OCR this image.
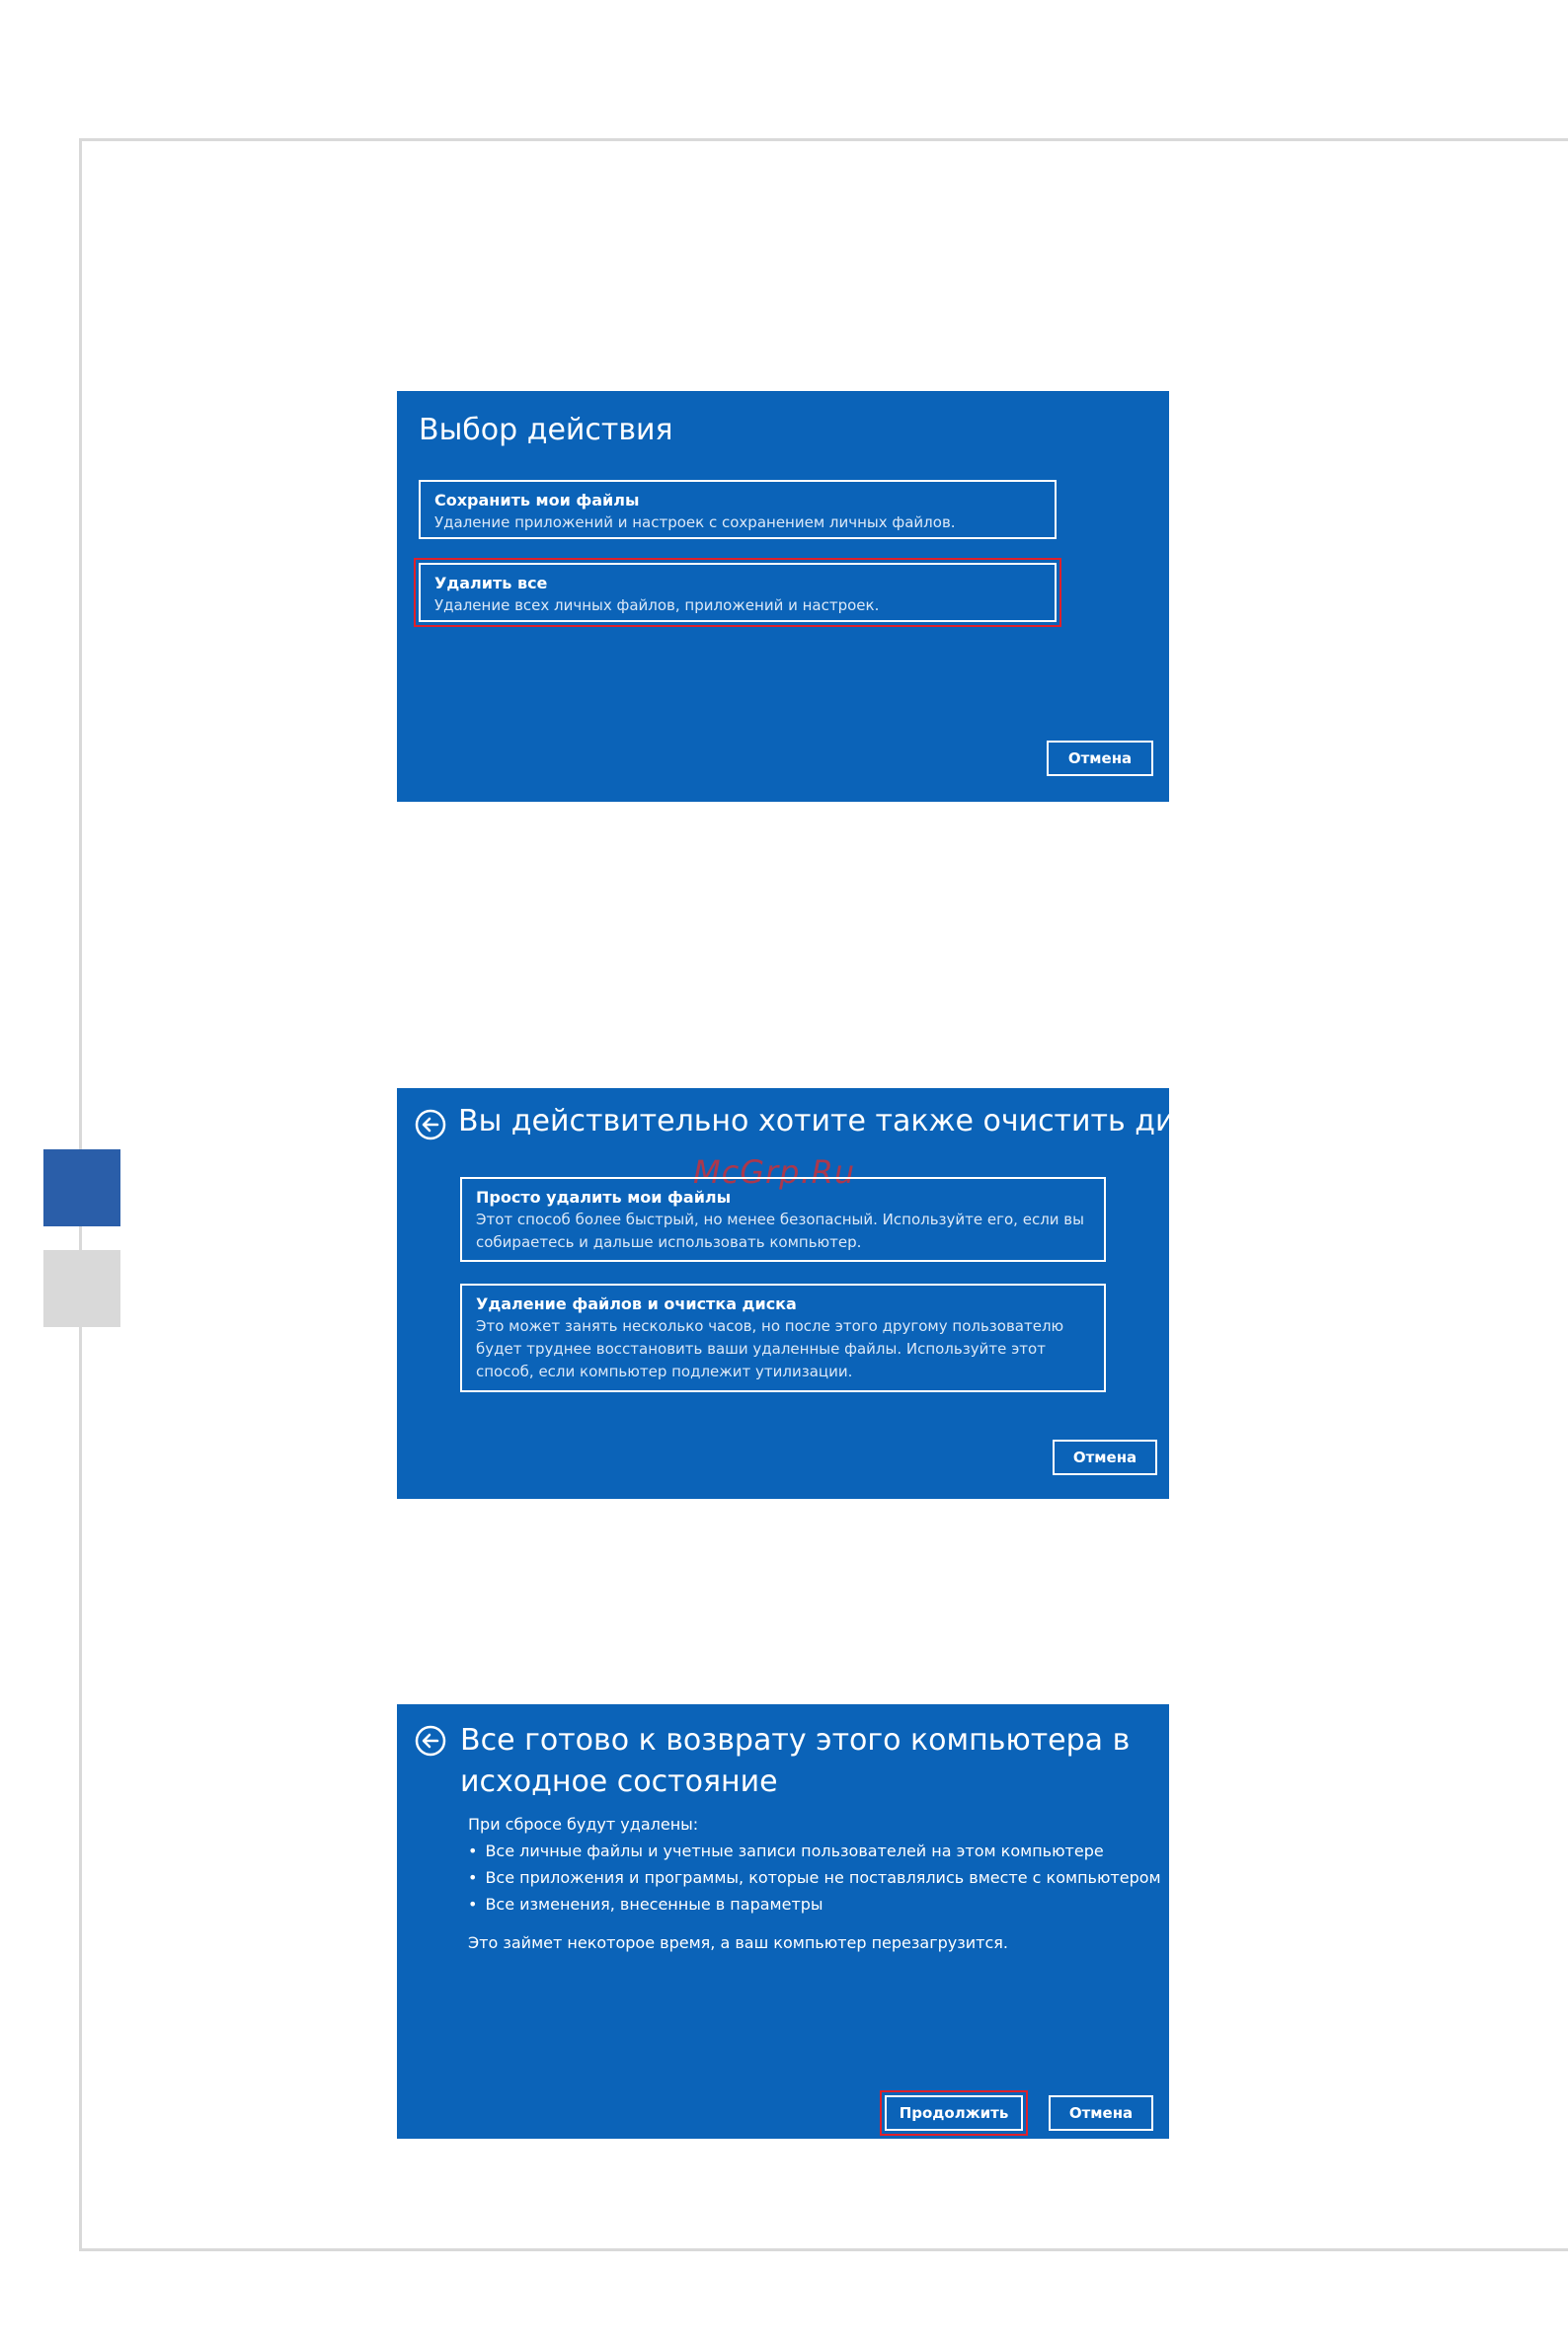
Выбор действия
Сохранить мои файлы
Удаление приложений и настроек с сохранением личных файлов.
Удалить все
Удаление всех личных файлов, приложений и настроек.
Отмена
Вы действительно хотите также очистить диски?
McGrp.Ru
Просто удалить мои файлы
Этот способ более быстрый, но менее безопасный. Используйте его, если вы собираетесь и дальше использовать компьютер.
Удаление файлов и очистка диска
Это может занять несколько часов, но после этого другому пользователю будет труднее восстановить ваши удаленные файлы. Используйте этот способ, если компьютер подлежит утилизации.
Отмена
Все готово к возврату этого компьютера в исходное состояние
При сбросе будут удалены:
• Все личные файлы и учетные записи пользователей на этом компьютере
• Все приложения и программы, которые не поставлялись вместе с компьютером
• Все изменения, внесенные в параметры
Это займет некоторое время, а ваш компьютер перезагрузится.
Продолжить	Отмена
